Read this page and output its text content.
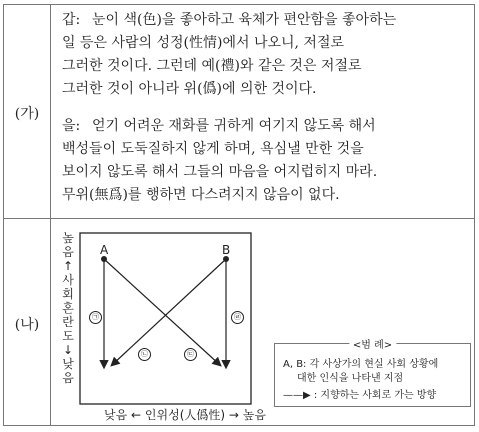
(가)
(나)
갑: 눈이 색(色)을 좋아하고 육체가 편안함을 좋아하는
일 등은 사람의 성정(性情)에서 나오니, 저절로
그러한 것이다. 그런데 예(禮)와 같은 것은 저절로
그러한 것이 아니라 위(僞)에 의한 것이다.
을: 얻기 어려운 재화를 귀하게 여기지 않도록 해서
백성들이 도둑질하지 않게 하며, 욕심낼 만한 것을
보이지 않도록 해서 그들의 마음을 어지럽히지 마라.
무위(無爲)를 행하면 다스려지지 않음이 없다.
A	B
㉠
㉡	㉢
㉣
높
음
↑
사
회
혼
란
도
↓
낮
음
낮음 ← 인위성(人僞性) → 높음
<범 례>
A, B: 각 사상가의 현실 사회 상황에
대한 인식을 나타낸 지점
——▶ : 지향하는 사회로 가는 방향
